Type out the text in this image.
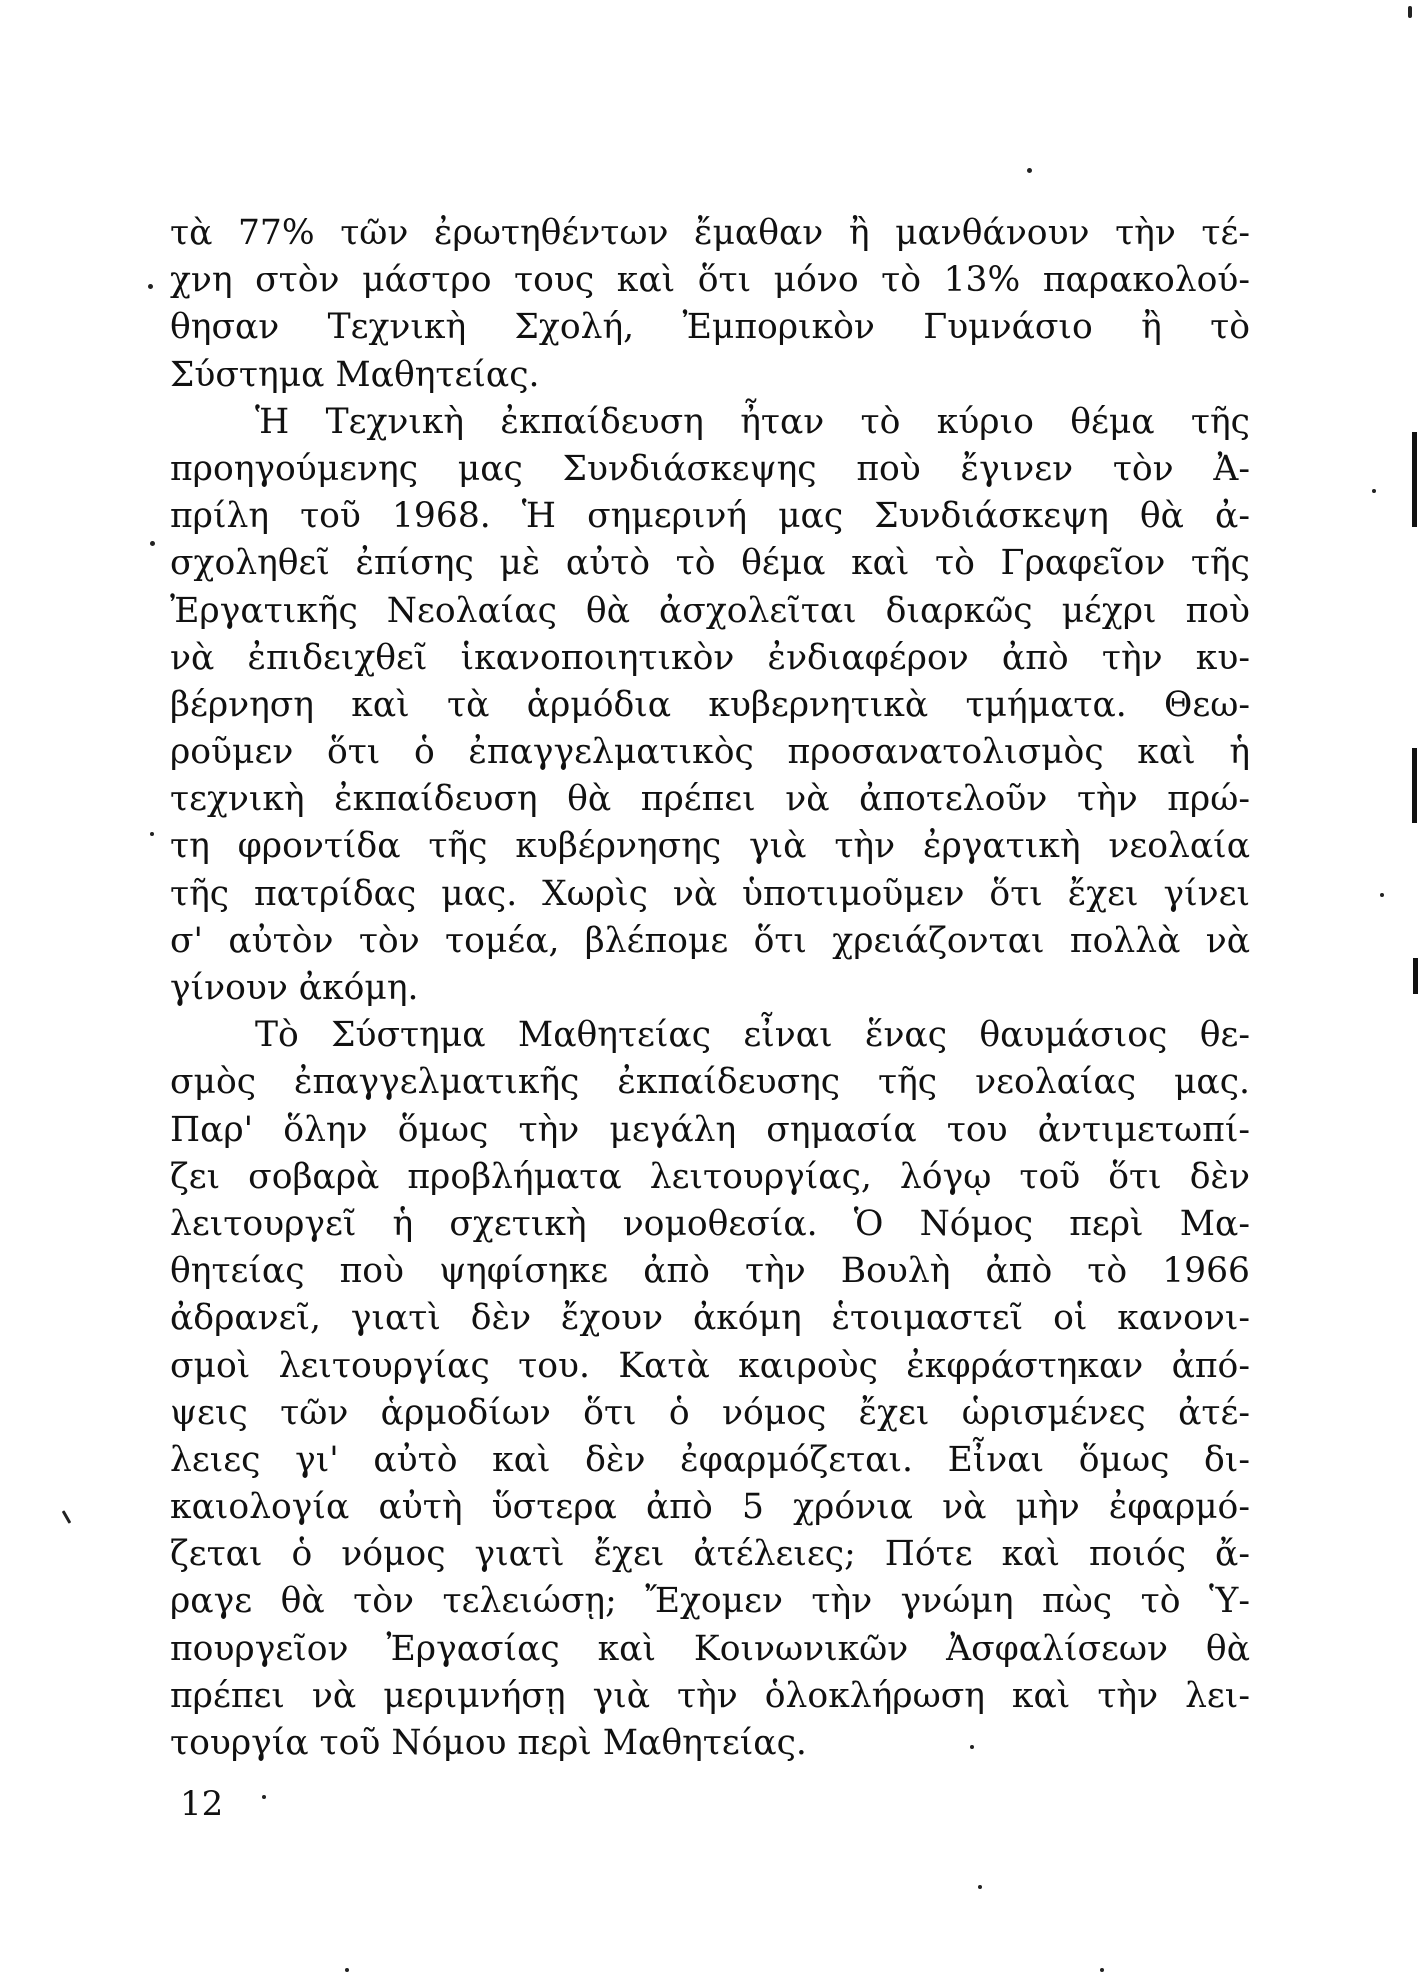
τὰ 77% τῶν ἐρωτηθέντων ἔμαθαν ἢ μανθάνουν τὴν τέ-
χνη στὸν μάστρο τους καὶ ὅτι μόνο τὸ 13% παρακολού-
θησαν Τεχνικὴ Σχολή, Ἐμπορικὸν Γυμνάσιο ἢ τὸ
Σύστημα Μαθητείας.
Ἡ Τεχνικὴ ἐκπαίδευση ἦταν τὸ κύριο θέμα τῆς
προηγούμενης μας Συνδιάσκεψης ποὺ ἔγινεν τὸν Ἀ-
πρίλη τοῦ 1968. Ἡ σημερινή μας Συνδιάσκεψη θὰ ἀ-
σχοληθεῖ ἐπίσης μὲ αὐτὸ τὸ θέμα καὶ τὸ Γραφεῖον τῆς
Ἐργατικῆς Νεολαίας θὰ ἀσχολεῖται διαρκῶς μέχρι ποὺ
νὰ ἐπιδειχθεῖ ἱκανοποιητικὸν ἐνδιαφέρον ἀπὸ τὴν κυ-
βέρνηση καὶ τὰ ἁρμόδια κυβερνητικὰ τμήματα. Θεω-
ροῦμεν ὅτι ὁ ἐπαγγελματικὸς προσανατολισμὸς καὶ ἡ
τεχνικὴ ἐκπαίδευση θὰ πρέπει νὰ ἀποτελοῦν τὴν πρώ-
τη φροντίδα τῆς κυβέρνησης γιὰ τὴν ἐργατικὴ νεολαία
τῆς πατρίδας μας. Χωρὶς νὰ ὑποτιμοῦμεν ὅτι ἔχει γίνει
σ' αὐτὸν τὸν τομέα, βλέπομε ὅτι χρειάζονται πολλὰ νὰ
γίνουν ἀκόμη.
Τὸ Σύστημα Μαθητείας εἶναι ἕνας θαυμάσιος θε-
σμὸς ἐπαγγελματικῆς ἐκπαίδευσης τῆς νεολαίας μας.
Παρ' ὅλην ὅμως τὴν μεγάλη σημασία του ἀντιμετωπί-
ζει σοβαρὰ προβλήματα λειτουργίας, λόγῳ τοῦ ὅτι δὲν
λειτουργεῖ ἡ σχετικὴ νομοθεσία. Ὁ Νόμος περὶ Μα-
θητείας ποὺ ψηφίσηκε ἀπὸ τὴν Βουλὴ ἀπὸ τὸ 1966
ἀδρανεῖ, γιατὶ δὲν ἔχουν ἀκόμη ἑτοιμαστεῖ οἱ κανονι-
σμοὶ λειτουργίας του. Κατὰ καιροὺς ἐκφράστηκαν ἀπό-
ψεις τῶν ἁρμοδίων ὅτι ὁ νόμος ἔχει ὡρισμένες ἀτέ-
λειες γι' αὐτὸ καὶ δὲν ἐφαρμόζεται. Εἶναι ὅμως δι-
καιολογία αὐτὴ ὕστερα ἀπὸ 5 χρόνια νὰ μὴν ἐφαρμό-
ζεται ὁ νόμος γιατὶ ἔχει ἀτέλειες; Πότε καὶ ποιός ἄ-
ραγε θὰ τὸν τελειώσῃ; Ἔχομεν τὴν γνώμη πὼς τὸ Ὑ-
πουργεῖον Ἐργασίας καὶ Κοινωνικῶν Ἀσφαλίσεων θὰ
πρέπει νὰ μεριμνήσῃ γιὰ τὴν ὁλοκλήρωση καὶ τὴν λει-
τουργία τοῦ Νόμου περὶ Μαθητείας.
12
